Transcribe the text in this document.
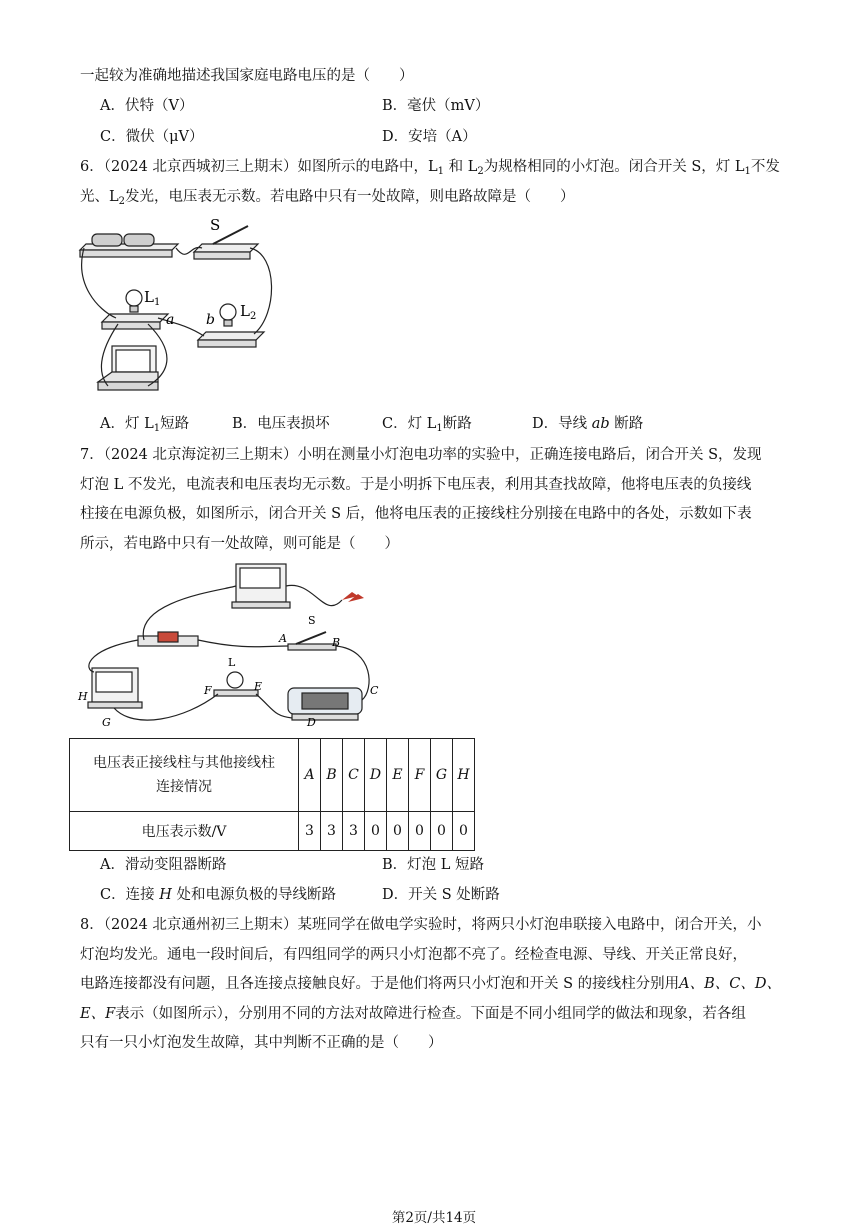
一起较为准确地描述我国家庭电路电压的是（　　）
A．伏特（V）	B．毫伏（mV）
C．微伏（μV）	D．安培（A）
6．（2024 北京西城初三上期末）如图所示的电路中，$L_1$ 和 $L_2$为规格相同的小灯泡。闭合开关 S，灯 $L_1$不发
光、$L_2$发光，电压表无示数。若电路中只有一处故障，则电路故障是（　　）
S
$L_1$	$L_2$
a b
A．灯 $L_1$短路	B．电压表损坏	C．灯 $L_1$断路	D．导线 ab 断路
7．（2024 北京海淀初三上期末）小明在测量小灯泡电功率的实验中，正确连接电路后，闭合开关 S，发现
灯泡 L 不发光，电流表和电压表均无示数。于是小明拆下电压表，利用其查找故障，他将电压表的负接线
柱接在电源负极，如图所示，闭合开关 S 后，他将电压表的正接线柱分别接在电路中的各处，示数如下表
所示，若电路中只有一处故障，则可能是（　　）
S
A	B
C
D
E
F
G
H
L
电压表正接线柱与其他接线柱
连接情况	A	B	C	D	E	F	G	H
电压表示数/V	3	3	3	0	0	0	0	0
A．滑动变阻器断路	B．灯泡 L 短路
C．连接 H 处和电源负极的导线断路	D．开关 S 处断路
8．（2024 北京通州初三上期末）某班同学在做电学实验时，将两只小灯泡串联接入电路中，闭合开关，小
灯泡均发光。通电一段时间后，有四组同学的两只小灯泡都不亮了。经检查电源、导线、开关正常良好，
电路连接都没有问题，且各连接点接触良好。于是他们将两只小灯泡和开关 S 的接线柱分别用A、B、C、D、
E、F表示（如图所示），分别用不同的方法对故障进行检查。下面是不同小组同学的做法和现象，若各组
只有一只小灯泡发生故障，其中判断不正确的是（　　）
第2页/共14页
